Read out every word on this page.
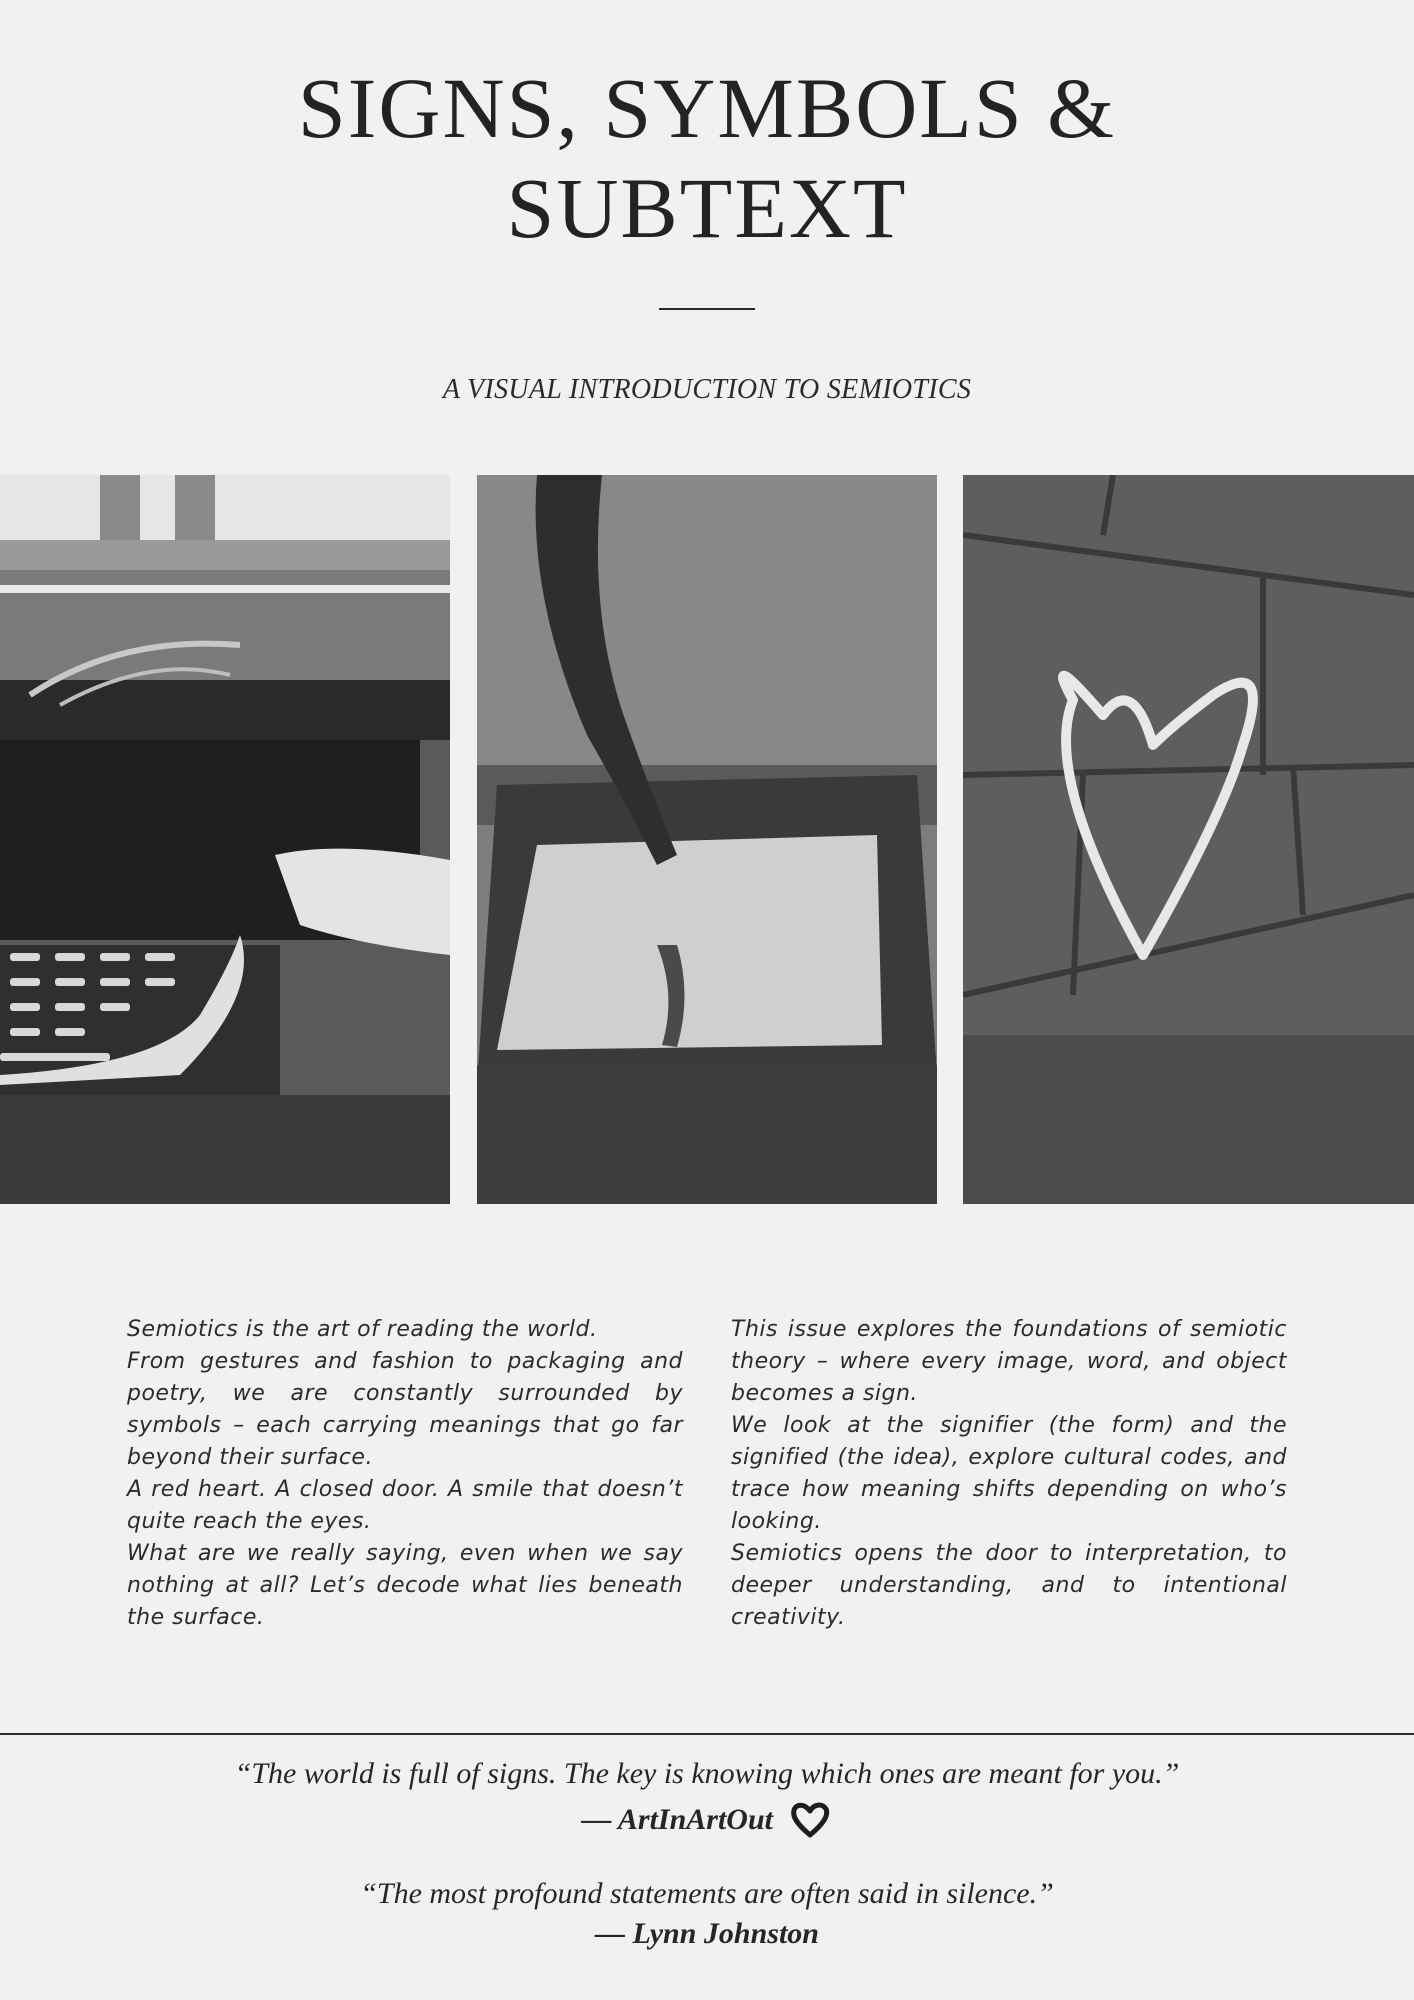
SIGNS, SYMBOLS &
SUBTEXT
A VISUAL INTRODUCTION TO SEMIOTICS

Semiotics is the art of reading the world.

From gestures and fashion to packaging and poetry, we are constantly surrounded by symbols – each carrying meanings that go far beyond their surface.

A red heart. A closed door. A smile that doesn’t quite reach the eyes.

What are we really saying, even when we say nothing at all? Let’s decode what lies beneath the surface.

This issue explores the foundations of semiotic theory – where every image, word, and object becomes a sign.

We look at the signifier (the form) and the signified (the idea), explore cultural codes, and trace how meaning shifts depending on who’s looking.

Semiotics opens the door to interpretation, to deeper understanding, and to intentional creativity.

“The world is full of signs. The key is knowing which ones are meant for you.”
— ArtInArtOut
“The most profound statements are often said in silence.”
— Lynn Johnston
